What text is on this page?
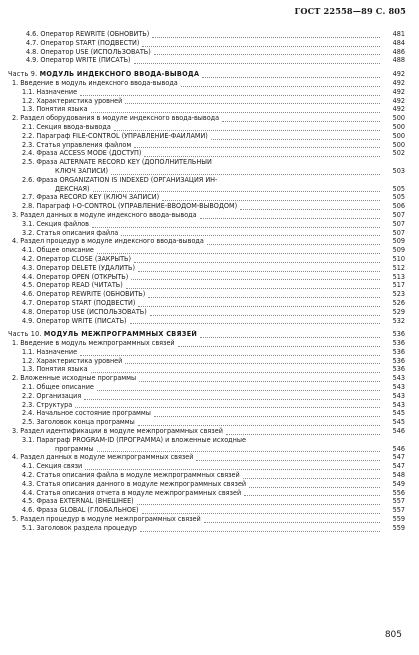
ГОСТ 22558—89 С. 805
4.6. Оператор REWRITE (ОБНОВИТЬ)	481
4.7. Оператор START (ПОДВЕСТИ)	484
4.8. Оператор USE (ИСПОЛЬЗОВАТЬ)	486
4.9. Оператор WRITE (ПИСАТЬ)	488
Часть 9. МОДУЛЬ ИНДЕКСНОГО ВВОДА-ВЫВОДА	492
1. Введение в модуль индексного ввода-вывода	492
1.1. Назначение	492
1.2. Характеристика уровней	492
1.3. Понятия языка	492
2. Раздел оборудования в модуле индексного ввода-вывода	500
2.1. Секция ввода-вывода	500
2.2. Параграф FILE-CONTROL (УПРАВЛЕНИЕ-ФАЙЛАМИ)	500
2.3. Статья управления файлом	500
2.4. Фраза ACCESS MODE (ДОСТУП)	502
2.5. Фраза ALTERNATE RECORD KEY (ДОПОЛНИТЕЛЬНЫЙ
КЛЮЧ ЗАПИСИ)	503
2.6. Фраза ORGANIZATION IS INDEXED (ОРГАНИЗАЦИЯ ИН-
ДЕКСНАЯ)	505
2.7. Фраза RECORD KEY (КЛЮЧ ЗАПИСИ)	505
2.8. Параграф I-O-CONTROL (УПРАВЛЕНИЕ-ВВОДОМ-ВЫВОДОМ)	506
3. Раздел данных в модуле индексного ввода-вывода	507
3.1. Секция файлов	507
3.2. Статья описания файла	507
4. Раздел процедур в модуле индексного ввода-вывода	509
4.1. Общее описание	509
4.2. Оператор CLOSE (ЗАКРЫТЬ)	510
4.3. Оператор DELETE (УДАЛИТЬ)	512
4.4. Оператор OPEN (ОТКРЫТЬ)	513
4.5. Оператор READ (ЧИТАТЬ)	517
4.6. Оператор REWRITE (ОБНОВИТЬ)	523
4.7. Оператор START (ПОДВЕСТИ)	526
4.8. Оператор USE (ИСПОЛЬЗОВАТЬ)	529
4.9. Оператор WRITE (ПИСАТЬ)	532
Часть 10. МОДУЛЬ МЕЖПРОГРАММНЫХ СВЯЗЕЙ	536
1. Введение в модуль межпрограммных связей	536
1.1. Назначение	536
1.2. Характеристика уровней	536
1.3. Понятия языка	536
2. Вложенные исходные программы	543
2.1. Общее описание	543
2.2. Организация	543
2.3. Структура	543
2.4. Начальное состояние программы	545
2.5. Заголовок конца программы	545
3. Раздел идентификации в модуле межпрограммных связей	546
3.1. Параграф PROGRAM-ID (ПРОГРАММА) и вложенные исходные
программы	546
4. Раздел данных в модуле межпрограммных связей	547
4.1. Секция связи	547
4.2. Статья описания файла в модуле межпрограммных связей	548
4.3. Статья описания данного в модуле межпрограммных связей	549
4.4. Статья описания отчета в модуле межпрограммных связей	556
4.5. Фраза EXTERNAL (ВНЕШНЕЕ)	557
4.6. Фраза GLOBAL (ГЛОБАЛЬНОЕ)	557
5. Раздел процедур в модуле межпрограммных связей	559
5.1. Заголовок раздела процедур	559
805
